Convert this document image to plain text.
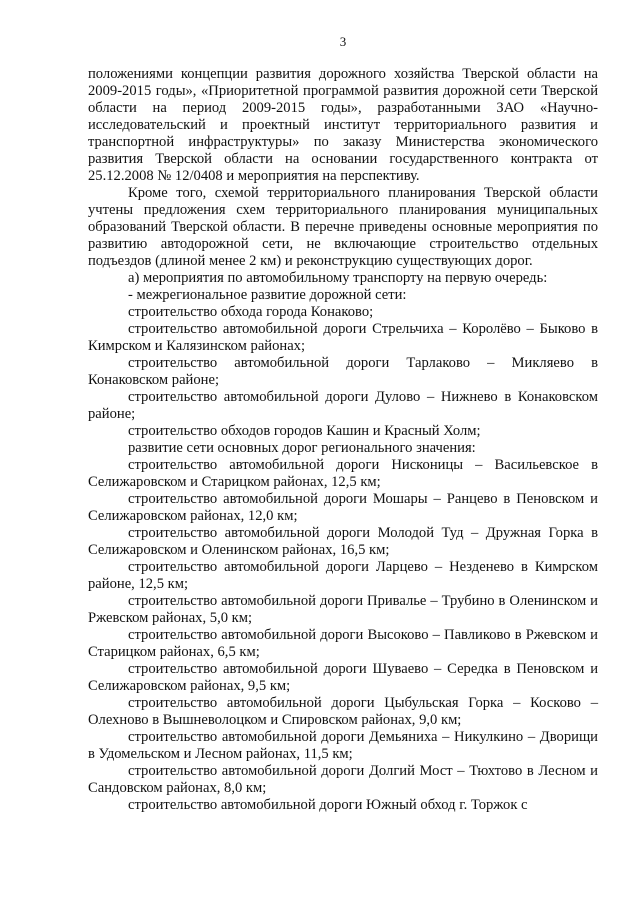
3

положениями концепции развития дорожного хозяйства Тверской области на 2009-2015 годы», «Приоритетной программой развития дорожной сети Тверской области на период 2009-2015 годы», разработанными ЗАО «Научно-исследовательский и проектный институт территориального развития и транспортной инфраструктуры» по заказу Министерства экономического развития Тверской области на основании государственного контракта от 25.12.2008 № 12/0408 и мероприятия на перспективу.

Кроме того, схемой территориального планирования Тверской области учтены предложения схем территориального планирования муниципальных образований Тверской области. В перечне приведены основные мероприятия по развитию автодорожной сети, не включающие строительство отдельных подъездов (длиной менее 2 км) и реконструкцию существующих дорог.

а) мероприятия по автомобильному транспорту на первую очередь:

- межрегиональное развитие дорожной сети:

строительство обхода города Конаково;

строительство автомобильной дороги Стрельчиха – Королёво – Быково в Кимрском и Калязинском районах;

строительство автомобильной дороги Тарлаково – Микляево в Конаковском районе;

строительство автомобильной дороги Дулово – Нижнево в Конаковском районе;

строительство обходов городов Кашин и Красный Холм;

развитие сети основных дорог регионального значения:

строительство автомобильной дороги Нисконицы – Васильевское в Селижаровском и Старицком районах, 12,5 км;

строительство автомобильной дороги Мошары – Ранцево в Пеновском и Селижаровском районах, 12,0 км;

строительство автомобильной дороги Молодой Туд – Дружная Горка в Селижаровском и Оленинском районах, 16,5 км;

строительство автомобильной дороги Ларцево – Незденево в Кимрском районе, 12,5 км;

строительство автомобильной дороги Привалье – Трубино в Оленинском и Ржевском районах, 5,0 км;

строительство автомобильной дороги Высоково – Павликово в Ржевском и Старицком районах, 6,5 км;

строительство автомобильной дороги Шуваево – Середка в Пеновском и Селижаровском районах, 9,5 км;

строительство автомобильной дороги Цыбульская Горка – Косково – Олехново в Вышневолоцком и Спировском районах, 9,0 км;

строительство автомобильной дороги Демьяниха – Никулкино – Дворищи в Удомельском и Лесном районах, 11,5 км;

строительство автомобильной дороги Долгий Мост – Тюхтово в Лесном и Сандовском районах, 8,0 км;

строительство автомобильной дороги Южный обход г. Торжок с
